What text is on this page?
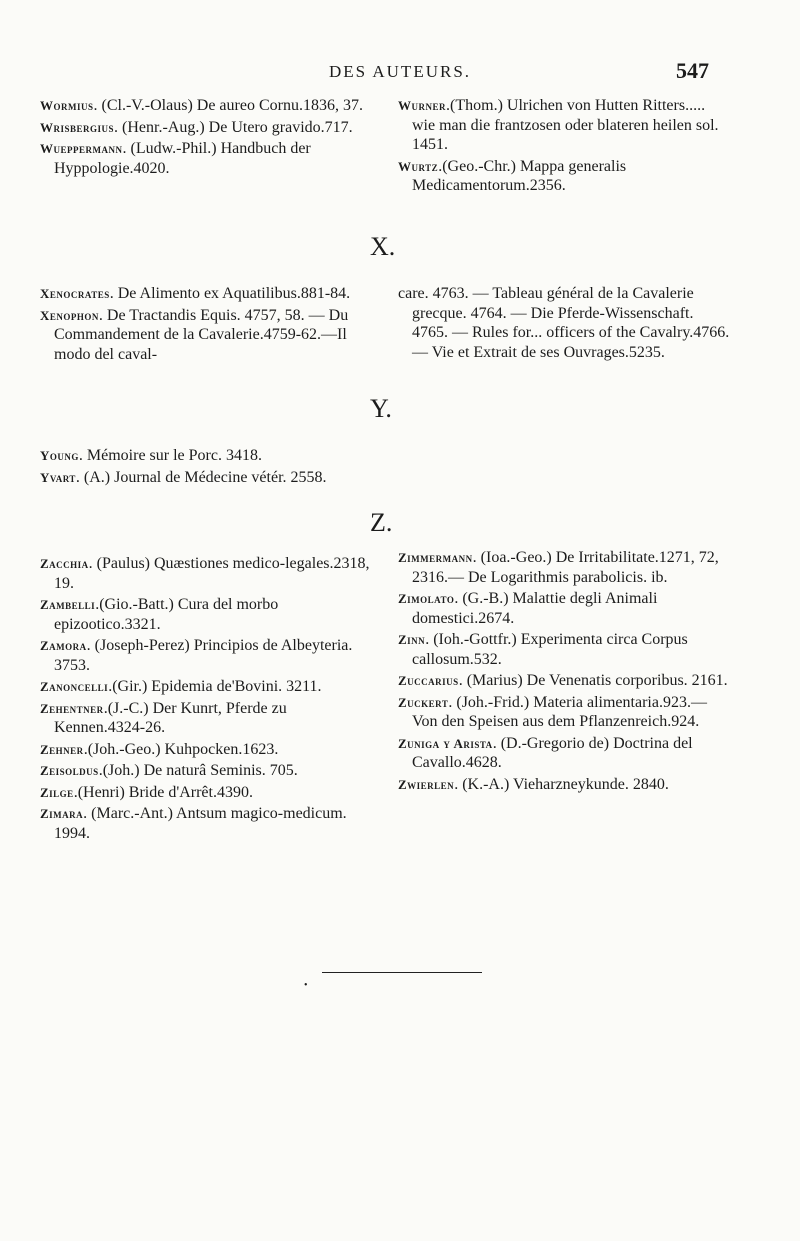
DES AUTEURS.	547
Wormius. (Cl.-V.-Olaus) De aureo Cornu.1836, 37.
Wrisbergius. (Henr.-Aug.) De Utero gravido.717.
Wueppermann. (Ludw.-Phil.) Handbuch der Hyppologie.4020.
Wurner.(Thom.) Ulrichen von Hutten Ritters..... wie man die frantzosen oder blateren heilen sol. 1451.
Wurtz.(Geo.-Chr.) Mappa generalis Medicamentorum.2356.
X.
Xenocrates. De Alimento ex Aquatilibus.881-84.
Xenophon. De Tractandis Equis. 4757, 58. — Du Commandement de la Cavalerie.4759-62.—Il modo del caval-
care. 4763. — Tableau général de la Cavalerie grecque. 4764. — Die Pferde-Wissenschaft. 4765. — Rules for... officers of the Cavalry.4766.— Vie et Extrait de ses Ouvrages.5235.
Y.
Young. Mémoire sur le Porc. 3418.
Yvart. (A.) Journal de Médecine vétér. 2558.
Z.
Zacchia. (Paulus) Quæstiones medico-legales.2318, 19.
Zambelli.(Gio.-Batt.) Cura del morbo epizootico.3321.
Zamora. (Joseph-Perez) Principios de Albeyteria. 3753.
Zanoncelli.(Gir.) Epidemia de'Bovini. 3211.
Zehentner.(J.-C.) Der Kunrt, Pferde zu Kennen.4324-26.
Zehner.(Joh.-Geo.) Kuhpocken.1623.
Zeisoldus.(Joh.) De naturâ Seminis. 705.
Zilge.(Henri) Bride d'Arrêt.4390.
Zimara. (Marc.-Ant.) Antsum magico-medicum. 1994.
Zimmermann. (Ioa.-Geo.) De Irritabilitate.1271, 72, 2316.— De Logarithmis parabolicis. ib.
Zimolato. (G.-B.) Malattie degli Animali domestici.2674.
Zinn. (Ioh.-Gottfr.) Experimenta circa Corpus callosum.532.
Zuccarius. (Marius) De Venenatis corporibus. 2161.
Zuckert. (Joh.-Frid.) Materia alimentaria.923.—Von den Speisen aus dem Pflanzenreich.924.
Zuniga y Arista. (D.-Gregorio de) Doctrina del Cavallo.4628.
Zwierlen. (K.-A.) Vieharzneykunde. 2840.
•
